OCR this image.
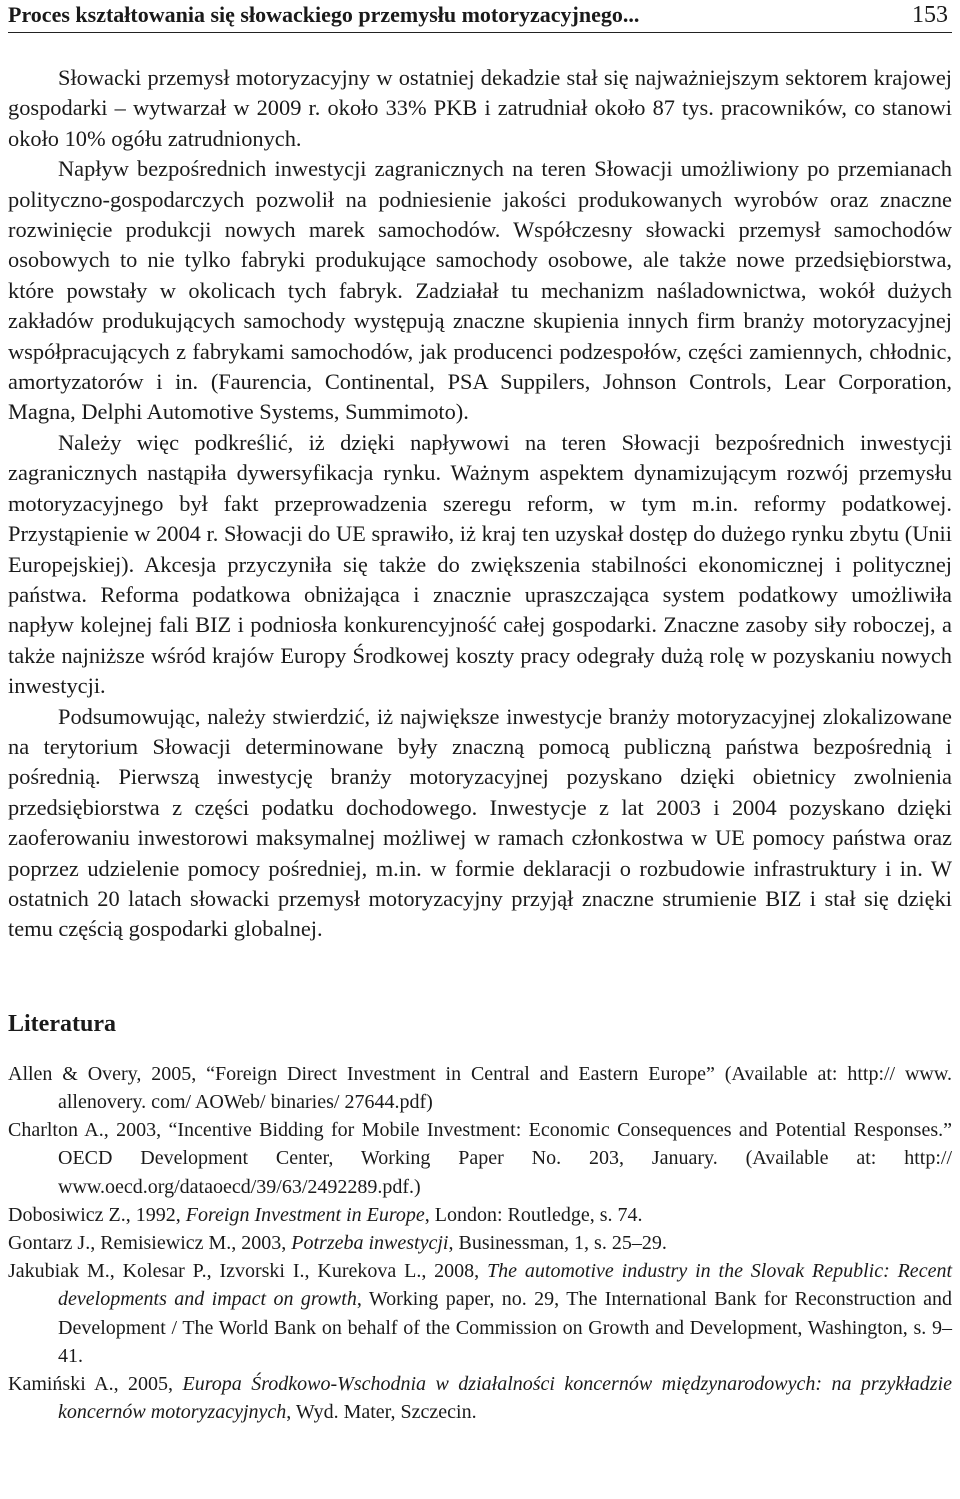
Proces kształtowania się słowackiego przemysłu motoryzacyjnego...	153

Słowacki przemysł motoryzacyjny w ostatniej dekadzie stał się najważniejszym sektorem krajowej gospodarki – wytwarzał w 2009 r. około 33% PKB i zatrudniał około 87 tys. pracowników, co stanowi około 10% ogółu zatrudnionych.

Napływ bezpośrednich inwestycji zagranicznych na teren Słowacji umożliwiony po przemianach polityczno-gospodarczych pozwolił na podniesienie jakości produkowanych wyrobów oraz znaczne rozwinięcie produkcji nowych marek samochodów. Współczesny słowacki przemysł samochodów osobowych to nie tylko fabryki produkujące samochody osobowe, ale także nowe przedsiębiorstwa, które powstały w okolicach tych fabryk. Zadziałał tu mechanizm naśladownictwa, wokół dużych zakładów produkujących samochody występują znaczne skupienia innych firm branży motoryzacyjnej współpracujących z fabrykami samochodów, jak producenci podzespołów, części zamiennych, chłodnic, amortyzatorów i in. (Faurencia, Continental, PSA Suppilers, Johnson Controls, Lear Corporation, Magna, Delphi Automotive Systems, Summimoto).

Należy więc podkreślić, iż dzięki napływowi na teren Słowacji bezpośrednich inwestycji zagranicznych nastąpiła dywersyfikacja rynku. Ważnym aspektem dynamizującym rozwój przemysłu motoryzacyjnego był fakt przeprowadzenia szeregu reform, w tym m.in. reformy podatkowej. Przystąpienie w 2004 r. Słowacji do UE sprawiło, iż kraj ten uzyskał dostęp do dużego rynku zbytu (Unii Europejskiej). Akcesja przyczyniła się także do zwiększenia stabilności ekonomicznej i politycznej państwa. Reforma podatkowa obniżająca i znacznie upraszczająca system podatkowy umożliwiła napływ kolejnej fali BIZ i podniosła konkurencyjność całej gospodarki. Znaczne zasoby siły roboczej, a także najniższe wśród krajów Europy Środkowej koszty pracy odegrały dużą rolę w pozyskaniu nowych inwestycji.

Podsumowując, należy stwierdzić, iż największe inwestycje branży motoryzacyjnej zlokalizowane na terytorium Słowacji determinowane były znaczną pomocą publiczną państwa bezpośrednią i pośrednią. Pierwszą inwestycję branży motoryzacyjnej pozyskano dzięki obietnicy zwolnienia przedsiębiorstwa z części podatku dochodowego. Inwestycje z lat 2003 i 2004 pozyskano dzięki zaoferowaniu inwestorowi maksymalnej możliwej w ramach członkostwa w UE pomocy państwa oraz poprzez udzielenie pomocy pośredniej, m.in. w formie deklaracji o rozbudowie infrastruktury i in. W ostatnich 20 latach słowacki przemysł motoryzacyjny przyjął znaczne strumienie BIZ i stał się dzięki temu częścią gospodarki globalnej.

Literatura
Allen & Overy, 2005, “Foreign Direct Investment in Central and Eastern Europe” (Available at: http:// www. allenovery. com/ AOWeb/ binaries/ 27644.pdf)
Charlton A., 2003, “Incentive Bidding for Mobile Investment: Economic Consequences and Potential Responses.” OECD Development Center, Working Paper No. 203, January. (Available at: http:// www.oecd.org/dataoecd/39/63/2492289.pdf.)
Dobosiwicz Z., 1992, Foreign Investment in Europe, London: Routledge, s. 74.
Gontarz J., Remisiewicz M., 2003, Potrzeba inwestycji, Businessman, 1, s. 25–29.
Jakubiak M., Kolesar P., Izvorski I., Kurekova L., 2008, The automotive industry in the Slovak Republic: Recent developments and impact on growth, Working paper, no. 29, The International Bank for Reconstruction and Development / The World Bank on behalf of the Commission on Growth and Development, Washington, s. 9–41.
Kamiński A., 2005, Europa Środkowo-Wschodnia w działalności koncernów międzynarodowych: na przykładzie koncernów motoryzacyjnych, Wyd. Mater, Szczecin.
